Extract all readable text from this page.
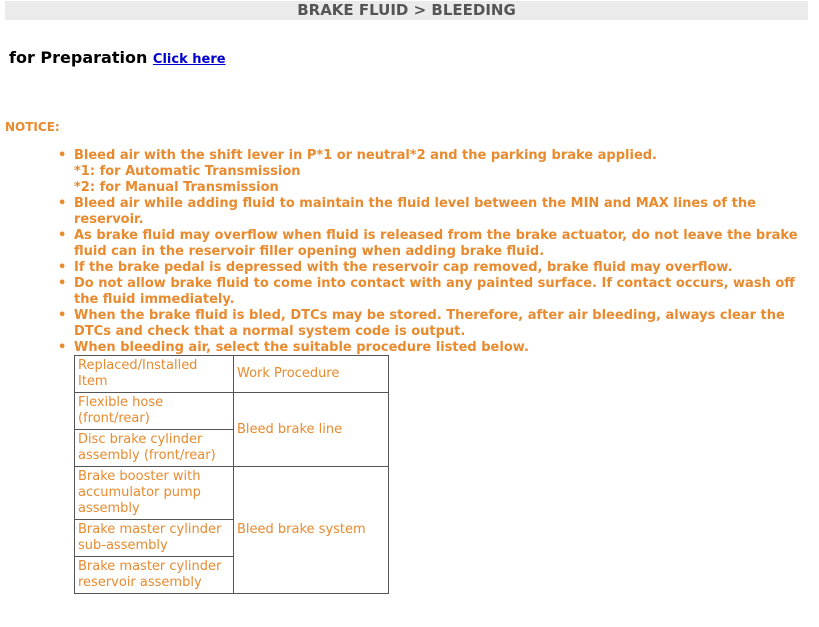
BRAKE FLUID > BLEEDING
for Preparation Click here
NOTICE:
• Bleed air with the shift lever in P*1 or neutral*2 and the parking brake applied.
*1: for Automatic Transmission
*2: for Manual Transmission
• Bleed air while adding fluid to maintain the fluid level between the MIN and MAX lines of the reservoir.
• As brake fluid may overflow when fluid is released from the brake actuator, do not leave the brake fluid can in the reservoir filler opening when adding brake fluid.
• If the brake pedal is depressed with the reservoir cap removed, brake fluid may overflow.
• Do not allow brake fluid to come into contact with any painted surface. If contact occurs, wash off the fluid immediately.
• When the brake fluid is bled, DTCs may be stored. Therefore, after air bleeding, always clear the DTCs and check that a normal system code is output.
• When bleeding air, select the suitable procedure listed below.
Replaced/Installed Item	Work Procedure
Flexible hose (front/rear)	Bleed brake line
Disc brake cylinder assembly (front/rear)	
Brake booster with accumulator pump assembly	Bleed brake system
Brake master cylinder sub-assembly	
Brake master cylinder reservoir assembly	
